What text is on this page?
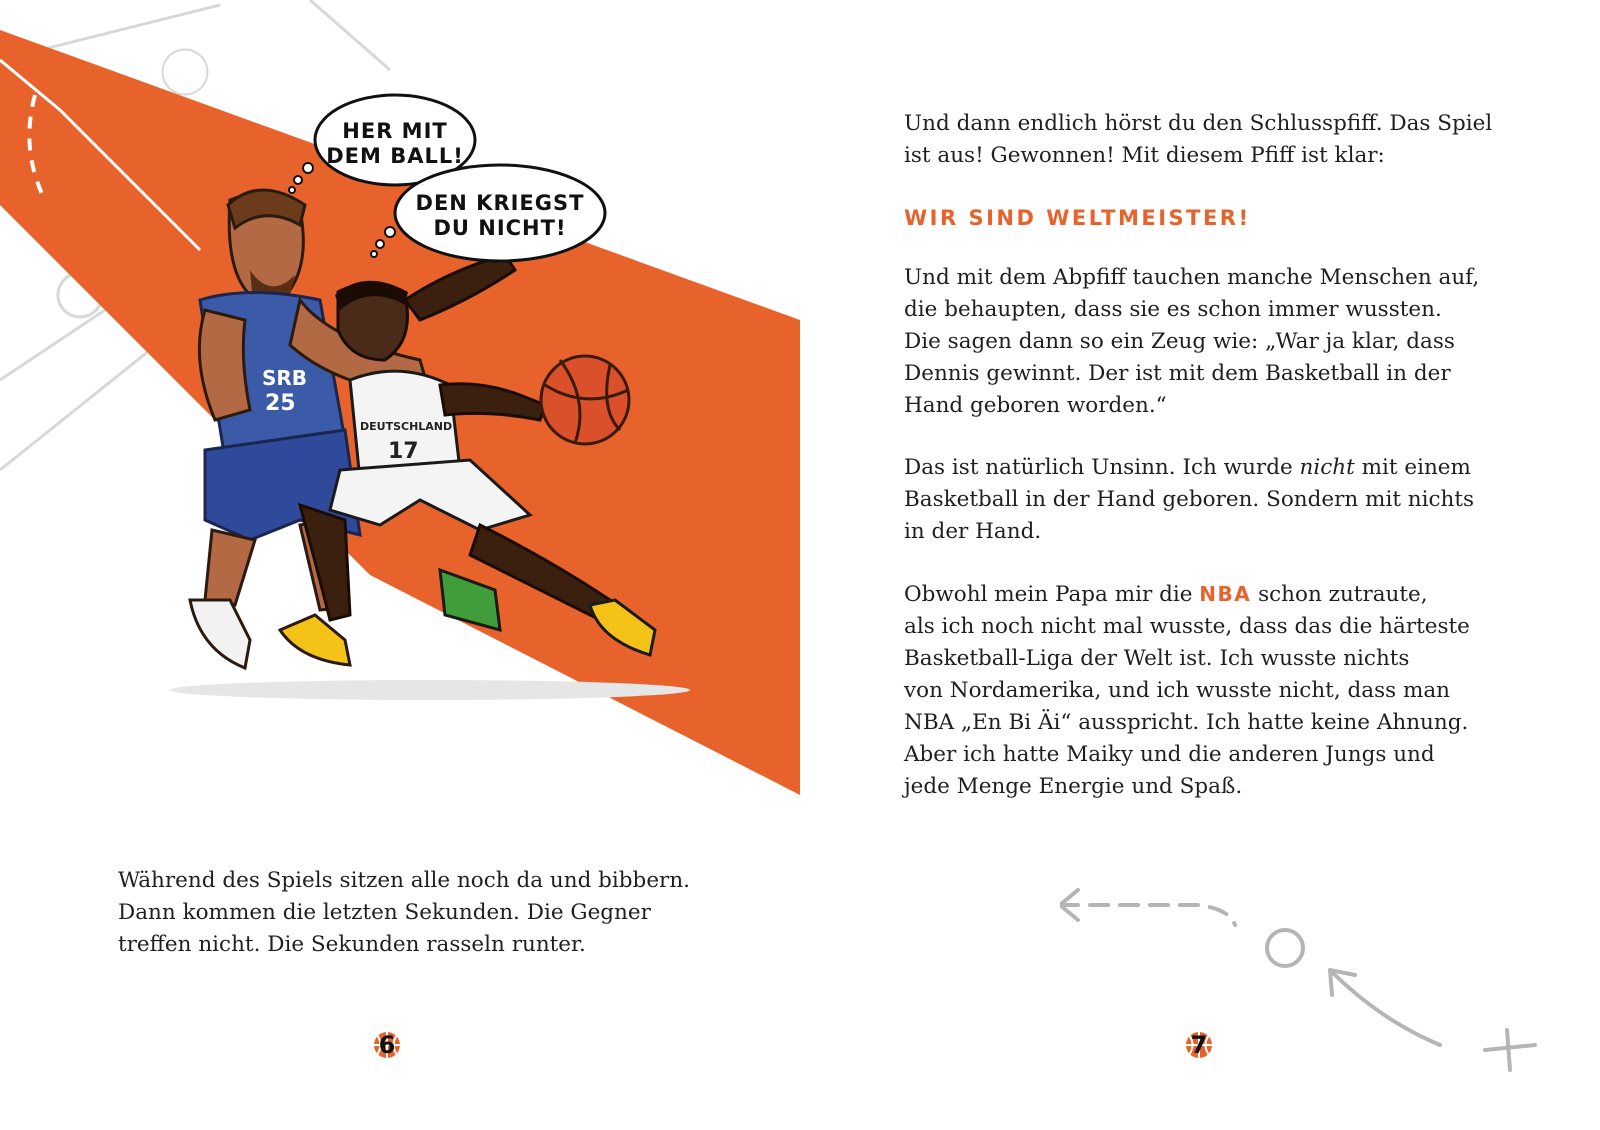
SRB
25
DEUTSCHLAND
17
HER MIT
DEM BALL!
DEN KRIEGST
DU NICHT!

Während des Spiels sitzen alle noch da und bibbern.

Dann kommen die letzten Sekunden. Die Gegner

treffen nicht. Die Sekunden rasseln runter.

6

Und dann endlich hörst du den Schlusspfiff. Das Spiel
ist aus! Gewonnen! Mit diesem Pfiff ist klar:

WIR SIND WELTMEISTER!

Und mit dem Abpfiff tauchen manche Menschen auf,
die behaupten, dass sie es schon immer wussten.
Die sagen dann so ein Zeug wie: „War ja klar, dass
Dennis gewinnt. Der ist mit dem Basketball in der
Hand geboren worden.“

Das ist natürlich Unsinn. Ich wurde nicht mit einem
Basketball in der Hand geboren. Sondern mit nichts
in der Hand.

Obwohl mein Papa mir die NBA schon zutraute,
als ich noch nicht mal wusste, dass das die härteste
Basketball-Liga der Welt ist. Ich wusste nichts
von Nordamerika, und ich wusste nicht, dass man
NBA „En Bi Äi“ ausspricht. Ich hatte keine Ahnung.
Aber ich hatte Maiky und die anderen Jungs und
jede Menge Energie und Spaß.

7
